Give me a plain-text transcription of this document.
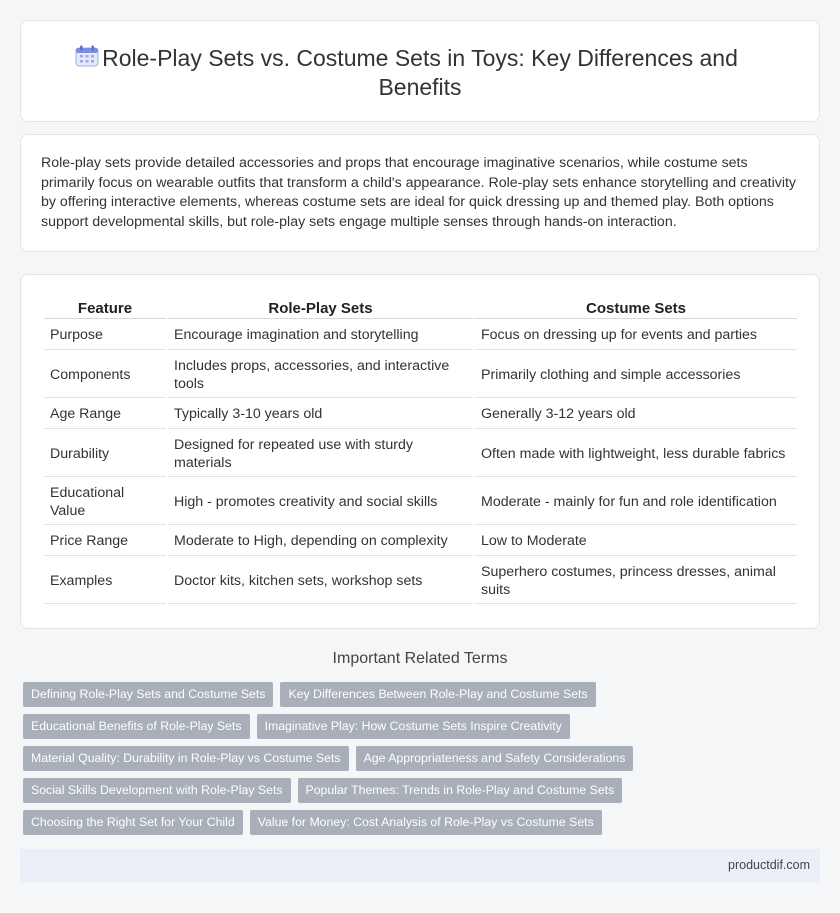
Role-Play Sets vs. Costume Sets in Toys: Key Differences and Benefits

Role-play sets provide detailed accessories and props that encourage imaginative scenarios, while costume sets primarily focus on wearable outfits that transform a child's appearance. Role-play sets enhance storytelling and creativity by offering interactive elements, whereas costume sets are ideal for quick dressing up and themed play. Both options support developmental skills, but role-play sets engage multiple senses through hands-on interaction.

Feature	Role-Play Sets	Costume Sets
Purpose	Encourage imagination and storytelling	Focus on dressing up for events and parties
Components	Includes props, accessories, and interactive tools	Primarily clothing and simple accessories
Age Range	Typically 3-10 years old	Generally 3-12 years old
Durability	Designed for repeated use with sturdy materials	Often made with lightweight, less durable fabrics
Educational Value	High - promotes creativity and social skills	Moderate - mainly for fun and role identification
Price Range	Moderate to High, depending on complexity	Low to Moderate
Examples	Doctor kits, kitchen sets, workshop sets	Superhero costumes, princess dresses, animal suits
Important Related Terms
Defining Role-Play Sets and Costume Sets	Key Differences Between Role-Play and Costume Sets
Educational Benefits of Role-Play Sets	Imaginative Play: How Costume Sets Inspire Creativity
Material Quality: Durability in Role-Play vs Costume Sets	Age Appropriateness and Safety Considerations
Social Skills Development with Role-Play Sets	Popular Themes: Trends in Role-Play and Costume Sets
Choosing the Right Set for Your Child	Value for Money: Cost Analysis of Role-Play vs Costume Sets
productdif.com
